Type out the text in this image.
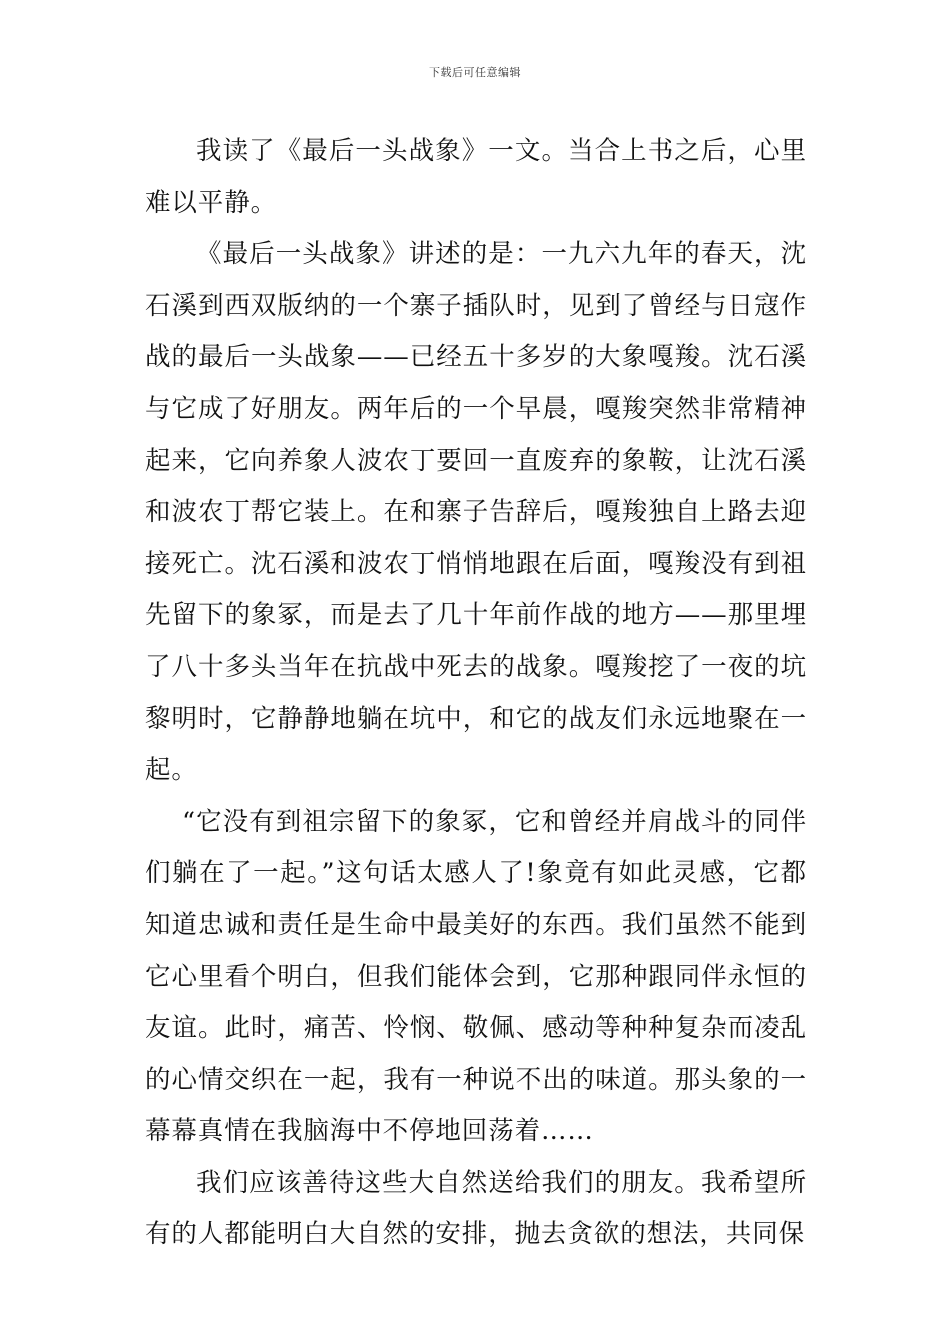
下载后可任意编辑

我读了《最后一头战象》一文。当合上书之后，心里难以平静。

《最后一头战象》讲述的是：一九六九年的春天，沈石溪到西双版纳的一个寨子插队时，见到了曾经与日寇作战的最后一头战象——已经五十多岁的大象嘎羧。沈石溪与它成了好朋友。两年后的一个早晨，嘎羧突然非常精神起来，它向养象人波农丁要回一直废弃的象鞍，让沈石溪和波农丁帮它装上。在和寨子告辞后，嘎羧独自上路去迎接死亡。沈石溪和波农丁悄悄地跟在后面，嘎羧没有到祖先留下的象冢，而是去了几十年前作战的地方——那里埋了八十多头当年在抗战中死去的战象。嘎羧挖了一夜的坑黎明时，它静静地躺在坑中，和它的战友们永远地聚在一起。

“它没有到祖宗留下的象冢，它和曾经并肩战斗的同伴们躺在了一起。”这句话太感人了!象竟有如此灵感，它都知道忠诚和责任是生命中最美好的东西。我们虽然不能到它心里看个明白，但我们能体会到，它那种跟同伴永恒的友谊。此时，痛苦、怜悯、敬佩、感动等种种复杂而凌乱的心情交织在一起，我有一种说不出的味道。那头象的一幕幕真情在我脑海中不停地回荡着……

我们应该善待这些大自然送给我们的朋友。我希望所有的人都能明白大自然的安排，抛去贪欲的想法，共同保
